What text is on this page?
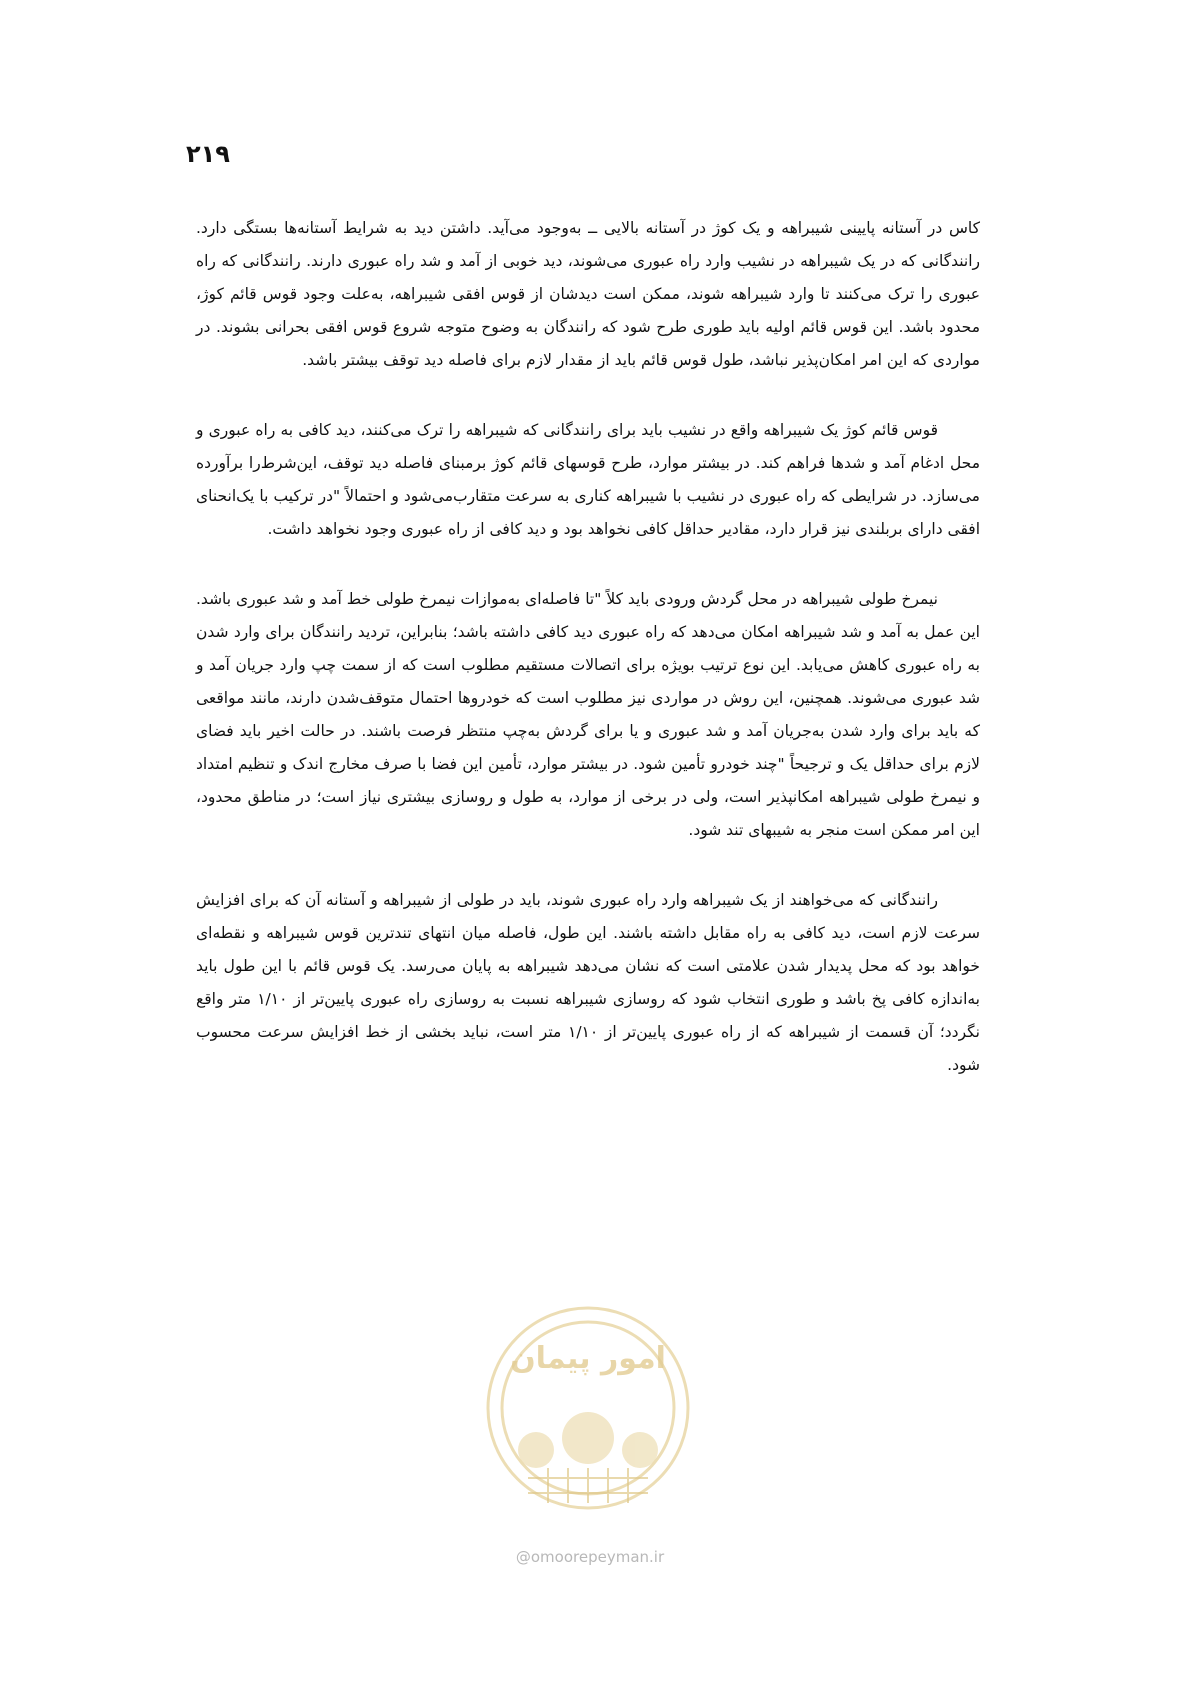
۲۱۹

کاس در آستانه پایینی شیبراهه و یک کوژ در آستانه بالایی ــ به‌وجود می‌آید. داشتن دید به شرایط آستانه‌ها بستگی دارد. رانندگانی که در یک شیبراهه در نشیب وارد راه عبوری می‌شوند، دید خوبی از آمد و شد راه عبوری دارند. رانندگانی که راه عبوری را ترک می‌کنند تا وارد شیبراهه شوند، ممکن است دیدشان از قوس افقی شیبراهه، به‌علت وجود قوس قائم کوژ، محدود باشد. این قوس قائم اولیه باید طوری طرح شود که رانندگان به وضوح متوجه شروع قوس افقی بحرانی بشوند. در مواردی که این امر امکان‌پذیر نباشد، طول قوس قائم باید از مقدار لازم برای فاصله دید توقف بیشتر باشد.

قوس قائم کوژ یک شیبراهه واقع در نشیب باید برای رانندگانی که شیبراهه را ترک می‌کنند، دید کافی به راه عبوری و محل ادغام آمد و شدها فراهم کند. در بیشتر موارد، طرح قوسهای قائم کوژ برمبنای فاصله دید توقف، این‌شرط‌را برآورده می‌سازد. در شرایطی که راه عبوری در نشیب با شیبراهه کناری به سرعت متقارب‌می‌شود و احتمالاً "در ترکیب با یک‌انحنای افقی دارای بربلندی نیز قرار دارد، مقادیر حداقل کافی نخواهد بود و دید کافی از راه عبوری وجود نخواهد داشت.

نیمرخ طولی شیبراهه در محل گردش ورودی باید کلاً "تا فاصله‌ای به‌موازات نیمرخ طولی خط آمد و شد عبوری باشد. این عمل به آمد و شد شیبراهه امکان می‌دهد که راه عبوری دید کافی داشته باشد؛ بنابراین، تردید رانندگان برای وارد شدن به راه عبوری کاهش می‌یابد. این نوع ترتیب بویژه برای اتصالات مستقیم مطلوب است که از سمت چپ وارد جریان آمد و شد عبوری می‌شوند. همچنین، این روش در مواردی نیز مطلوب است که خودروها احتمال متوقف‌شدن دارند، مانند مواقعی که باید برای وارد شدن به‌جریان آمد و شد عبوری و یا برای گردش به‌چپ منتظر فرصت باشند. در حالت اخیر باید فضای لازم برای حداقل یک و ترجیحاً "چند خودرو تأمین شود. در بیشتر موارد، تأمین این فضا با صرف مخارج اندک و تنظیم امتداد و نیمرخ طولی شیبراهه امکانپذیر است، ولی در برخی از موارد، به طول و روسازی بیشتری نیاز است؛ در مناطق محدود، این امر ممکن است منجر به شیبهای تند شود.

رانندگانی که می‌خواهند از یک شیبراهه وارد راه عبوری شوند، باید در طولی از شیبراهه و آستانه آن که برای افزایش سرعت لازم است، دید کافی به راه مقابل داشته باشند. این طول، فاصله میان انتهای تندترین قوس شیبراهه و نقطه‌ای خواهد بود که محل پدیدار شدن علامتی است که نشان می‌دهد شیبراهه به پایان می‌رسد. یک قوس قائم با این طول باید به‌اندازه کافی پخ باشد و طوری انتخاب شود که روسازی شیبراهه نسبت به روسازی راه عبوری پایین‌تر از ۱/۱۰ متر واقع نگردد؛ آن قسمت از شیبراهه که از راه عبوری پایین‌تر از ۱/۱۰ متر است، نباید بخشی از خط افزایش سرعت محسوب شود.

امور پیمان
@omoorepeyman.ir
